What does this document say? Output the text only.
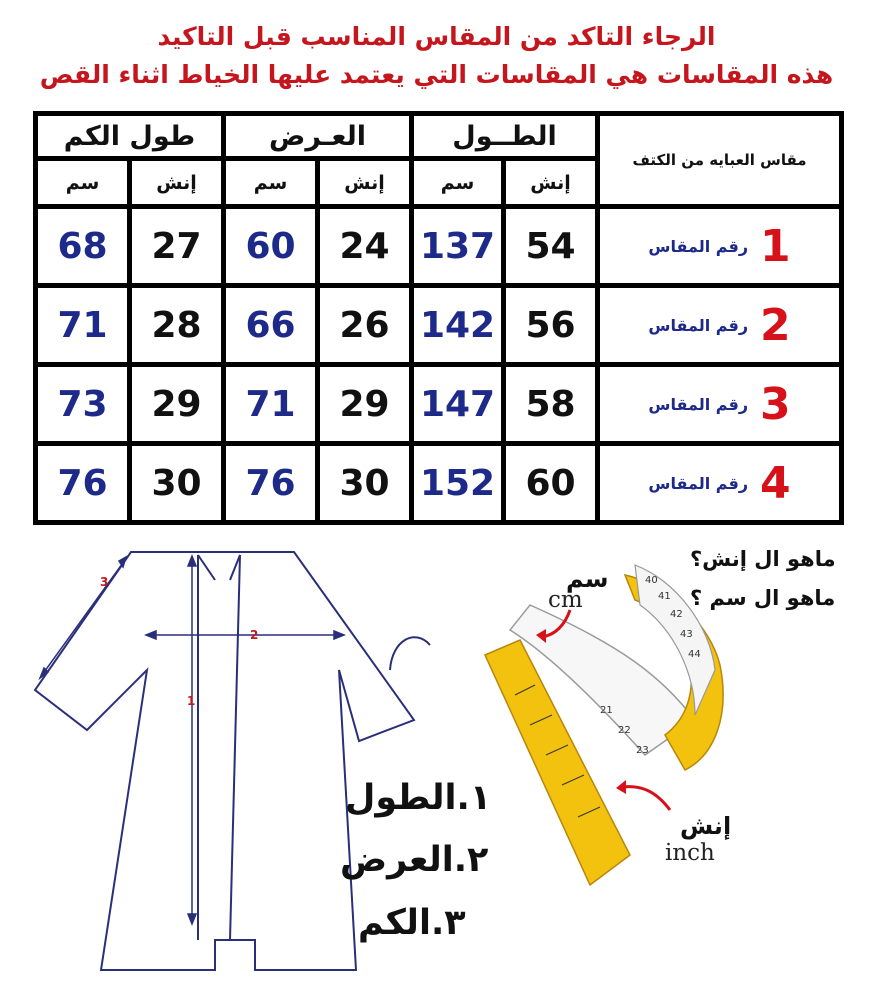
الرجاء التاكد من المقاس المناسب قبل التاكيد
هذه المقاسات هي المقاسات التي يعتمد عليها الخياط اثناء القص
طول الكم		العـرض		الطــول		مقاس العبايه من الكتف
سم	إنش	سم	إنش	سم	إنش	
68	27	60	24	137	54	1رقم المقاس
71	28	66	26	142	56	2رقم المقاس
73	29	71	29	147	58	3رقم المقاس
76	30	76	30	152	60	4رقم المقاس
1
2
3
١.الطول
٢.العرض
٣.الكم
40
41
42
43
44
21
22
23
ماهو ال إنش؟
ماهو ال سم ؟
سم
cm
إنش
inch
